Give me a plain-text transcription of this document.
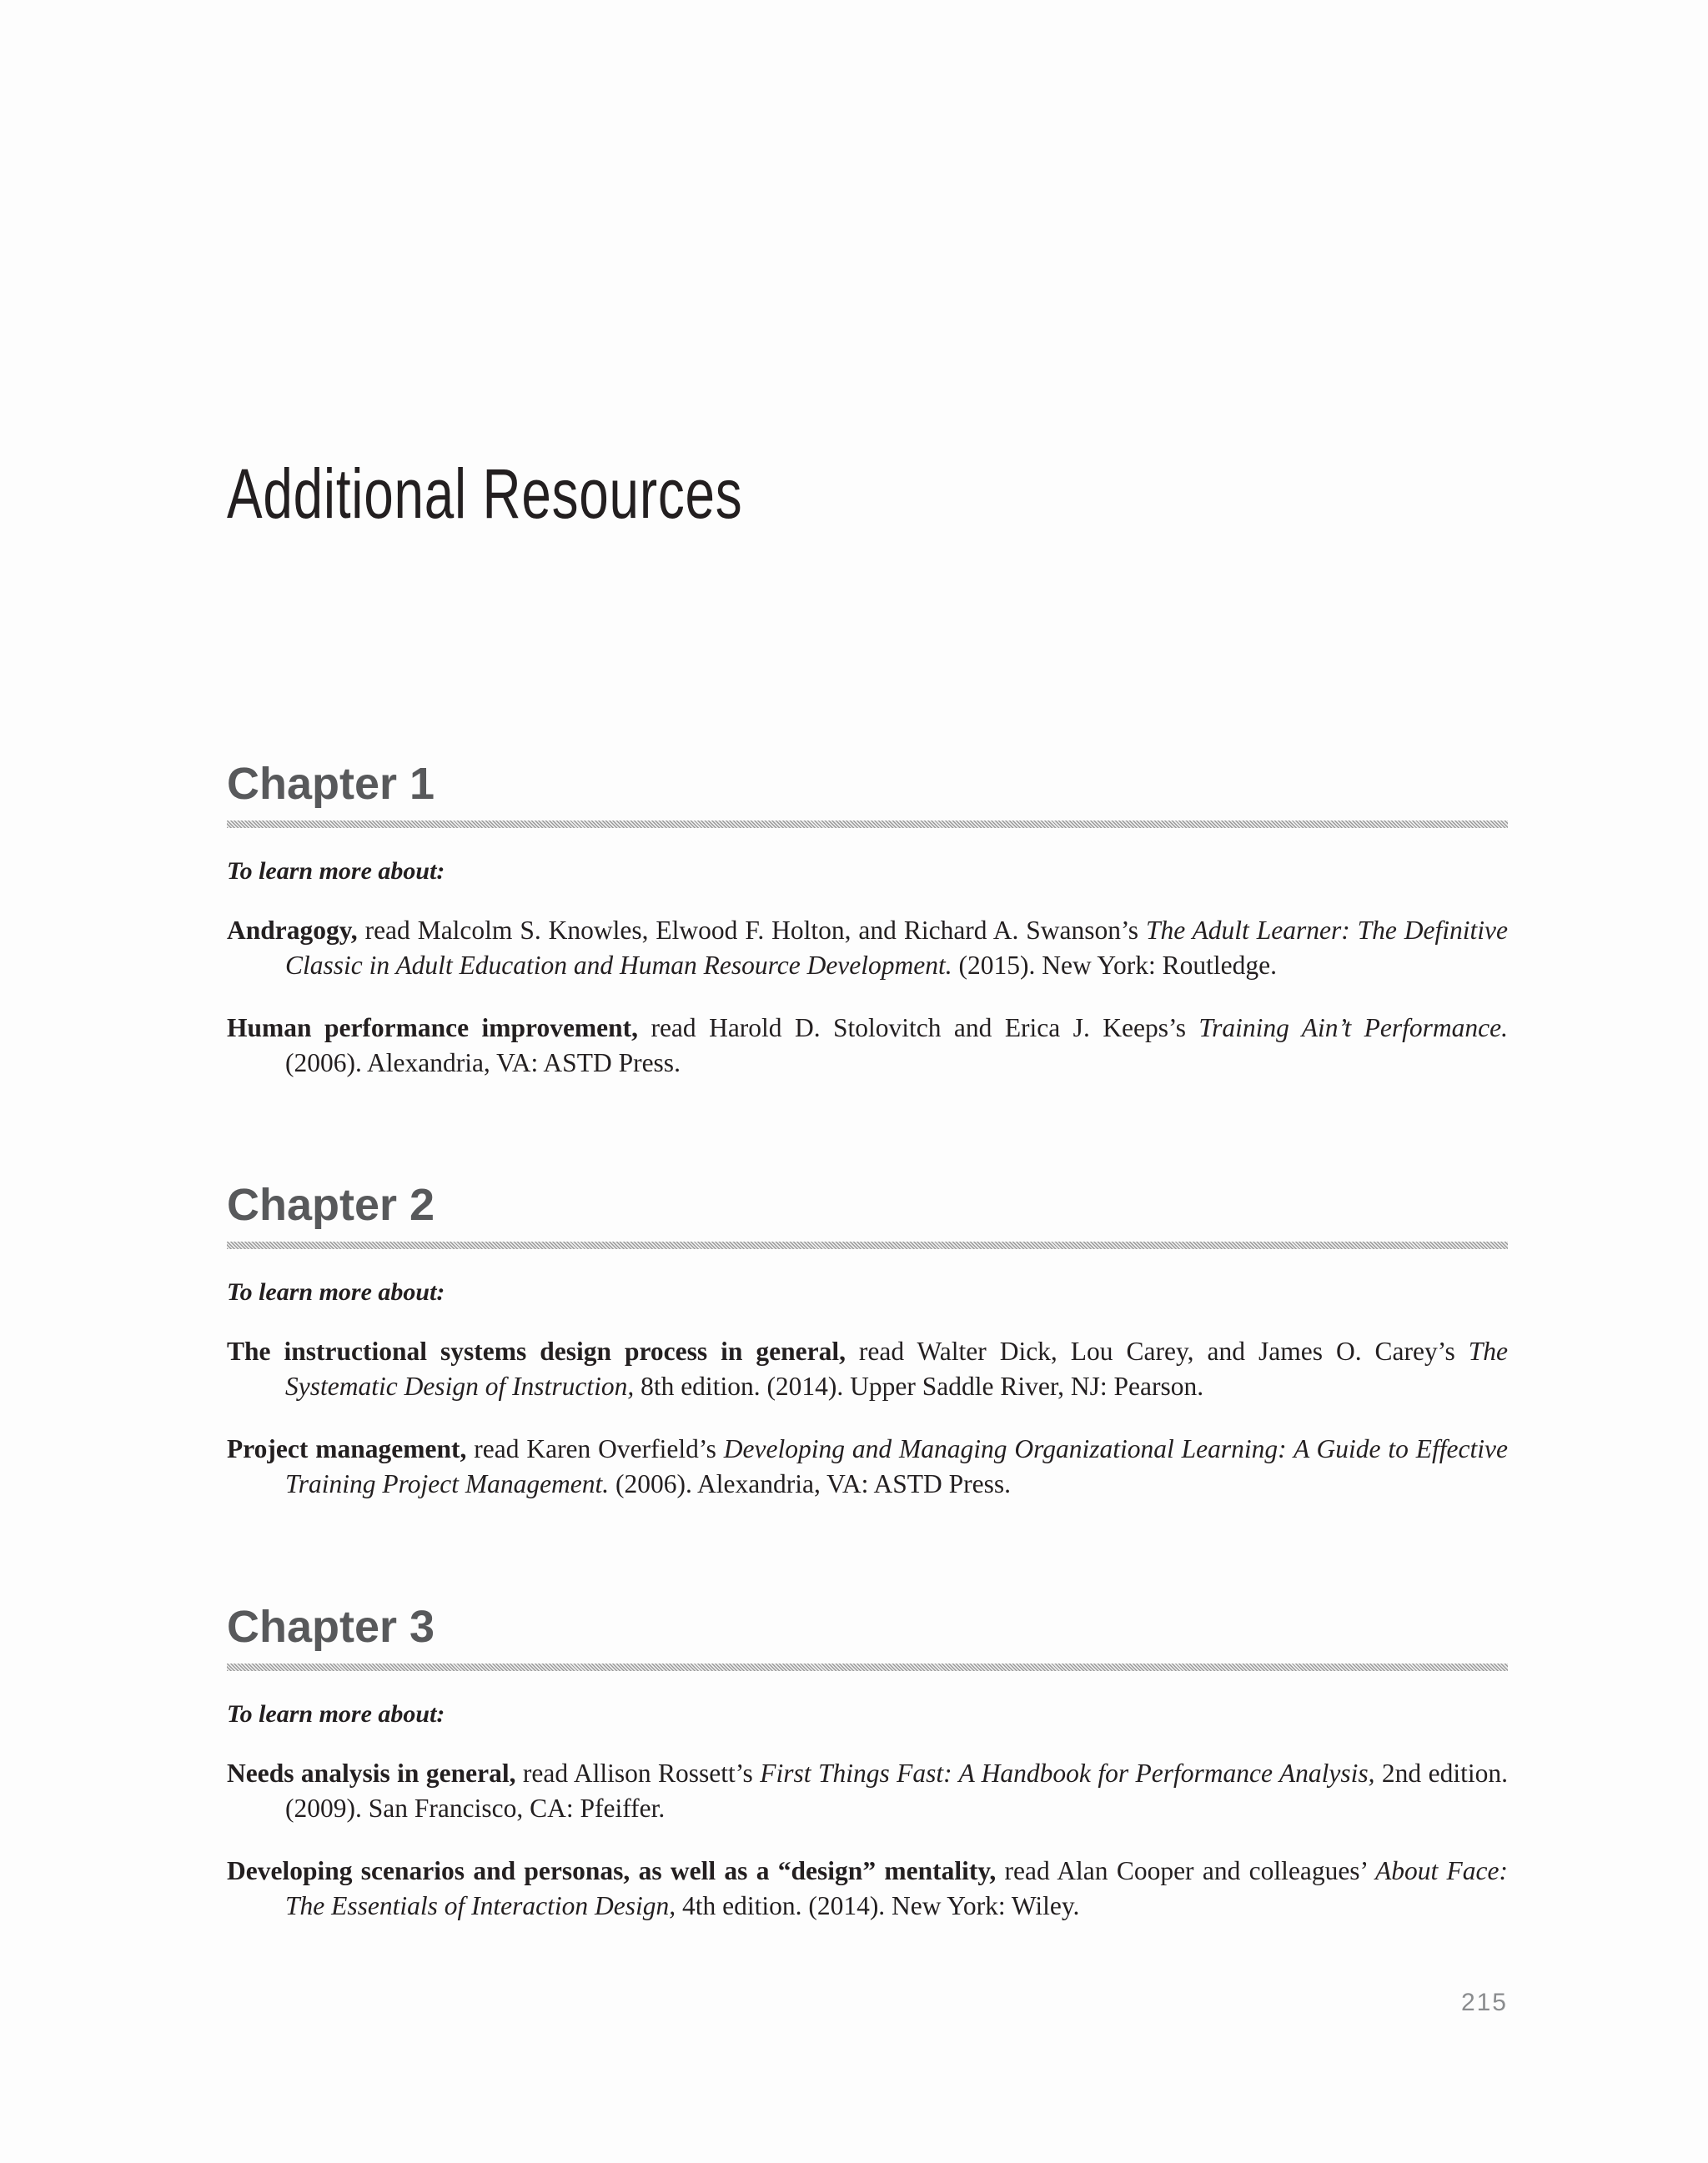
Additional Resources
Chapter 1

To learn more about:

Andragogy, read Malcolm S. Knowles, Elwood F. Holton, and Richard A. Swanson’s The Adult Learner: The Definitive Classic in Adult Education and Human Resource Development. (2015). New York: Routledge.

Human performance improvement, read Harold D. Stolovitch and Erica J. Keeps’s Training Ain’t Performance. (2006). Alexandria, VA: ASTD Press.

Chapter 2

To learn more about:

The instructional systems design process in general, read Walter Dick, Lou Carey, and James O. Carey’s The Systematic Design of Instruction, 8th edition. (2014). Upper Saddle River, NJ: Pearson.

Project management, read Karen Overfield’s Developing and Managing Organizational Learning: A Guide to Effective Training Project Management. (2006). Alexandria, VA: ASTD Press.

Chapter 3

To learn more about:

Needs analysis in general, read Allison Rossett’s First Things Fast: A Handbook for Performance Analysis, 2nd edition. (2009). San Francisco, CA: Pfeiffer.

Developing scenarios and personas, as well as a “design” mentality, read Alan Cooper and colleagues’ About Face: The Essentials of Interaction Design, 4th edition. (2014). New York: Wiley.

215
